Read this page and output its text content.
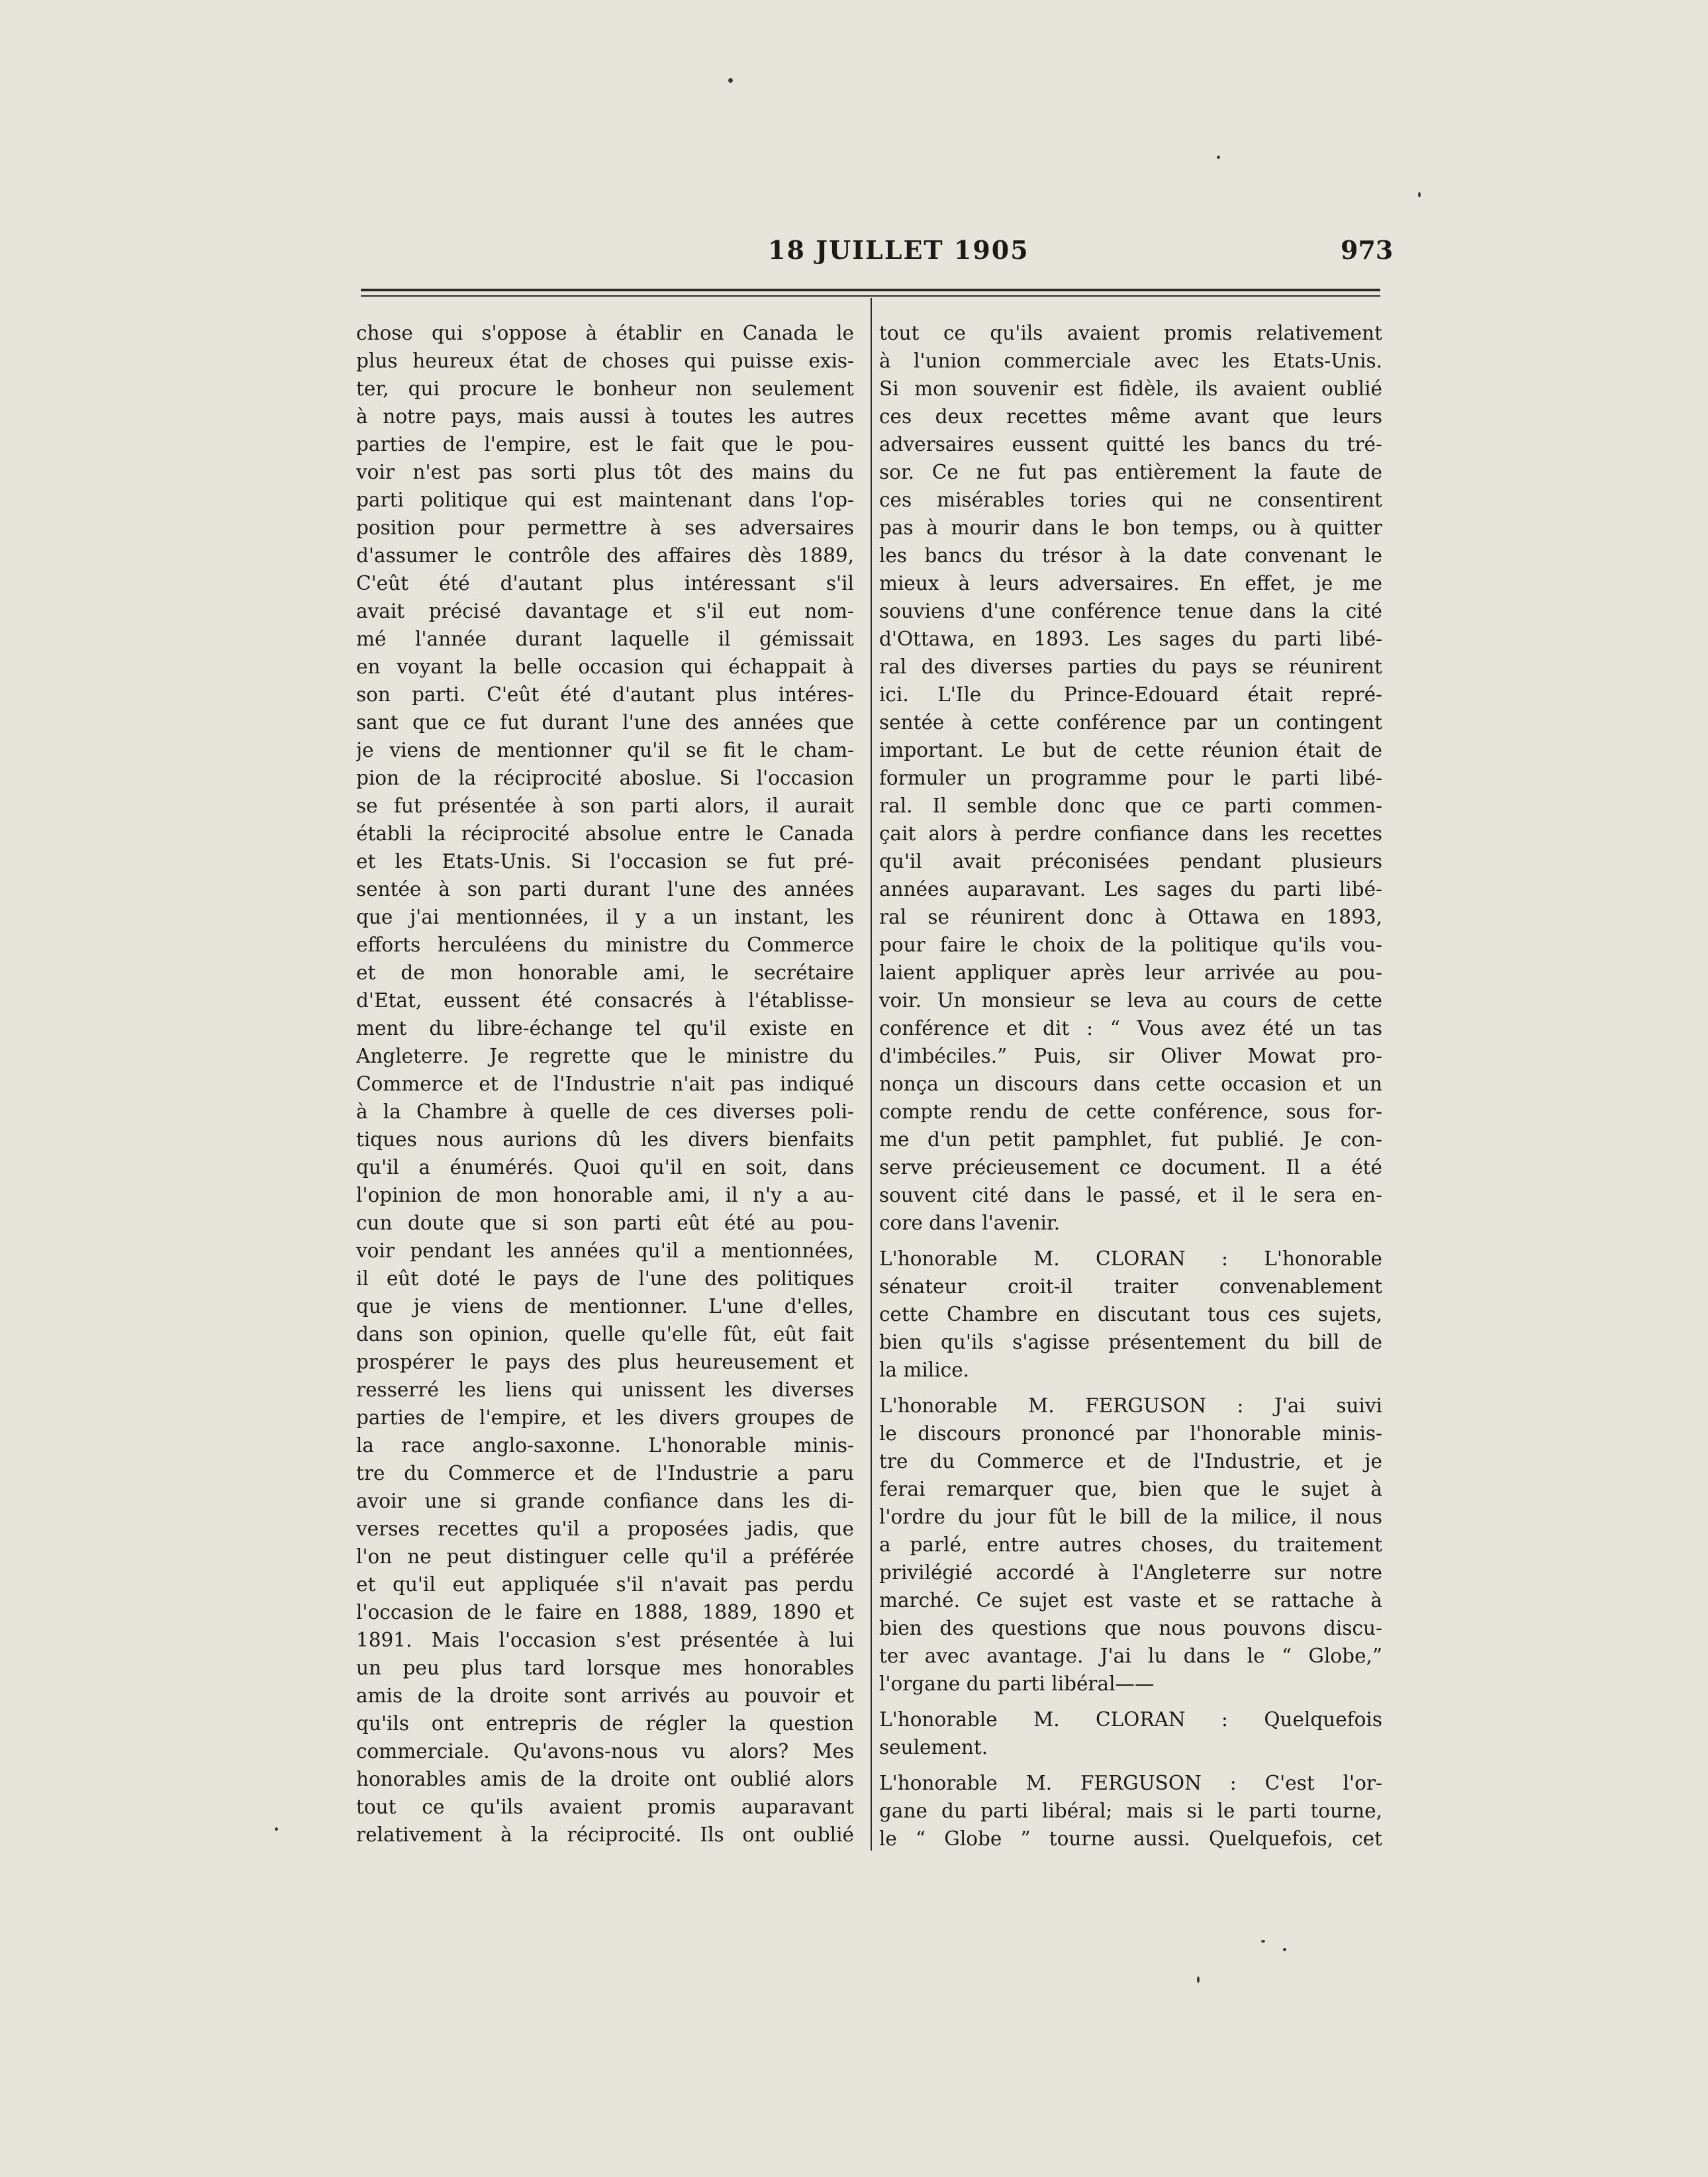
18 JUILLET 1905	973
chose qui s'oppose à établir en Canada le
plus heureux état de choses qui puisse exis-
ter, qui procure le bonheur non seulement
à notre pays, mais aussi à toutes les autres
parties de l'empire, est le fait que le pou-
voir n'est pas sorti plus tôt des mains du
parti politique qui est maintenant dans l'op-
position pour permettre à ses adversaires
d'assumer le contrôle des affaires dès 1889,
C'eût été d'autant plus intéressant s'il
avait précisé davantage et s'il eut nom-
mé l'année durant laquelle il gémissait
en voyant la belle occasion qui échappait à
son parti. C'eût été d'autant plus intéres-
sant que ce fut durant l'une des années que
je viens de mentionner qu'il se fit le cham-
pion de la réciprocité aboslue. Si l'occasion
se fut présentée à son parti alors, il aurait
établi la réciprocité absolue entre le Canada
et les Etats-Unis. Si l'occasion se fut pré-
sentée à son parti durant l'une des années
que j'ai mentionnées, il y a un instant, les
efforts herculéens du ministre du Commerce
et de mon honorable ami, le secrétaire
d'Etat, eussent été consacrés à l'établisse-
ment du libre-échange tel qu'il existe en
Angleterre. Je regrette que le ministre du
Commerce et de l'Industrie n'ait pas indiqué
à la Chambre à quelle de ces diverses poli-
tiques nous aurions dû les divers bienfaits
qu'il a énumérés. Quoi qu'il en soit, dans
l'opinion de mon honorable ami, il n'y a au-
cun doute que si son parti eût été au pou-
voir pendant les années qu'il a mentionnées,
il eût doté le pays de l'une des politiques
que je viens de mentionner. L'une d'elles,
dans son opinion, quelle qu'elle fût, eût fait
prospérer le pays des plus heureusement et
resserré les liens qui unissent les diverses
parties de l'empire, et les divers groupes de
la race anglo-saxonne. L'honorable minis-
tre du Commerce et de l'Industrie a paru
avoir une si grande confiance dans les di-
verses recettes qu'il a proposées jadis, que
l'on ne peut distinguer celle qu'il a préférée
et qu'il eut appliquée s'il n'avait pas perdu
l'occasion de le faire en 1888, 1889, 1890 et
1891. Mais l'occasion s'est présentée à lui
un peu plus tard lorsque mes honorables
amis de la droite sont arrivés au pouvoir et
qu'ils ont entrepris de régler la question
commerciale. Qu'avons-nous vu alors? Mes
honorables amis de la droite ont oublié alors
tout ce qu'ils avaient promis auparavant
relativement à la réciprocité. Ils ont oublié
tout ce qu'ils avaient promis relativement
à l'union commerciale avec les Etats-Unis.
Si mon souvenir est fidèle, ils avaient oublié
ces deux recettes même avant que leurs
adversaires eussent quitté les bancs du tré-
sor. Ce ne fut pas entièrement la faute de
ces misérables tories qui ne consentirent
pas à mourir dans le bon temps, ou à quitter
les bancs du trésor à la date convenant le
mieux à leurs adversaires. En effet, je me
souviens d'une conférence tenue dans la cité
d'Ottawa, en 1893. Les sages du parti libé-
ral des diverses parties du pays se réunirent
ici. L'Ile du Prince-Edouard était repré-
sentée à cette conférence par un contingent
important. Le but de cette réunion était de
formuler un programme pour le parti libé-
ral. Il semble donc que ce parti commen-
çait alors à perdre confiance dans les recettes
qu'il avait préconisées pendant plusieurs
années auparavant. Les sages du parti libé-
ral se réunirent donc à Ottawa en 1893,
pour faire le choix de la politique qu'ils vou-
laient appliquer après leur arrivée au pou-
voir. Un monsieur se leva au cours de cette
conférence et dit : “ Vous avez été un tas
d'imbéciles.” Puis, sir Oliver Mowat pro-
nonça un discours dans cette occasion et un
compte rendu de cette conférence, sous for-
me d'un petit pamphlet, fut publié. Je con-
serve précieusement ce document. Il a été
souvent cité dans le passé, et il le sera en-
core dans l'avenir.
L'honorable M. CLORAN : L'honorable
sénateur croit-il traiter convenablement
cette Chambre en discutant tous ces sujets,
bien qu'ils s'agisse présentement du bill de
la milice.
L'honorable M. FERGUSON : J'ai suivi
le discours prononcé par l'honorable minis-
tre du Commerce et de l'Industrie, et je
ferai remarquer que, bien que le sujet à
l'ordre du jour fût le bill de la milice, il nous
a parlé, entre autres choses, du traitement
privilégié accordé à l'Angleterre sur notre
marché. Ce sujet est vaste et se rattache à
bien des questions que nous pouvons discu-
ter avec avantage. J'ai lu dans le “ Globe,”
l'organe du parti libéral——
L'honorable M. CLORAN : Quelquefois
seulement.
L'honorable M. FERGUSON : C'est l'or-
gane du parti libéral; mais si le parti tourne,
le “ Globe ” tourne aussi. Quelquefois, cet
